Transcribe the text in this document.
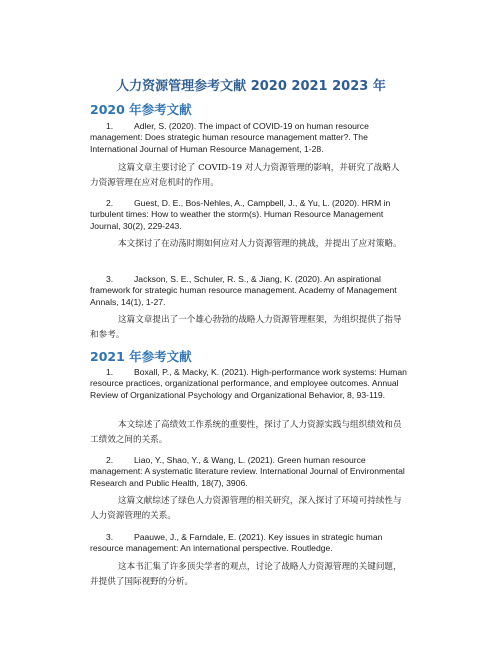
人力资源管理参考文献 2020 2021 2023 年
2020 年参考文献
1. Adler, S. (2020). The impact of COVID-19 on human resource management: Does strategic human resource management matter?. The International Journal of Human Resource Management, 1-28.
这篇文章主要讨论了 COVID-19 对人力资源管理的影响，并研究了战略人力资源管理在应对危机时的作用。
2. Guest, D. E., Bos-Nehles, A., Campbell, J., & Yu, L. (2020). HRM in turbulent times: How to weather the storm(s). Human Resource Management Journal, 30(2), 229-243.
本文探讨了在动荡时期如何应对人力资源管理的挑战，并提出了应对策略。
3. Jackson, S. E., Schuler, R. S., & Jiang, K. (2020). An aspirational framework for strategic human resource management. Academy of Management Annals, 14(1), 1-27.
这篇文章提出了一个雄心勃勃的战略人力资源管理框架，为组织提供了指导和参考。
2021 年参考文献
1. Boxall, P., & Macky, K. (2021). High-performance work systems: Human resource practices, organizational performance, and employee outcomes. Annual Review of Organizational Psychology and Organizational Behavior, 8, 93-119.
本文综述了高绩效工作系统的重要性，探讨了人力资源实践与组织绩效和员工绩效之间的关系。
2. Liao, Y., Shao, Y., & Wang, L. (2021). Green human resource management: A systematic literature review. International Journal of Environmental Research and Public Health, 18(7), 3906.
这篇文献综述了绿色人力资源管理的相关研究，深入探讨了环境可持续性与人力资源管理的关系。
3. Paauwe, J., & Farndale, E. (2021). Key issues in strategic human resource management: An international perspective. Routledge.
这本书汇集了许多顶尖学者的观点，讨论了战略人力资源管理的关键问题，并提供了国际视野的分析。
